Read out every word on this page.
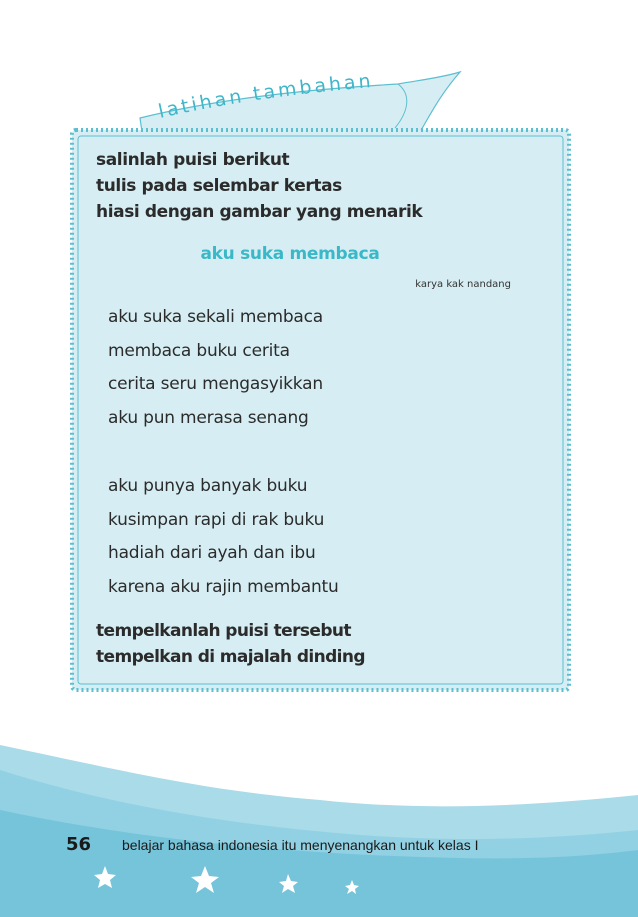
latihan tambahan
salinlah puisi berikut
tulis pada selembar kertas
hiasi dengan gambar yang menarik
aku suka membaca
karya kak nandang
aku suka sekali membaca
membaca buku cerita
cerita seru mengasyikkan
aku pun merasa senang
aku punya banyak buku
kusimpan rapi di rak buku
hadiah dari ayah dan ibu
karena aku rajin membantu
tempelkanlah puisi tersebut
tempelkan di majalah dinding
56 belajar bahasa indonesia itu menyenangkan untuk kelas I
